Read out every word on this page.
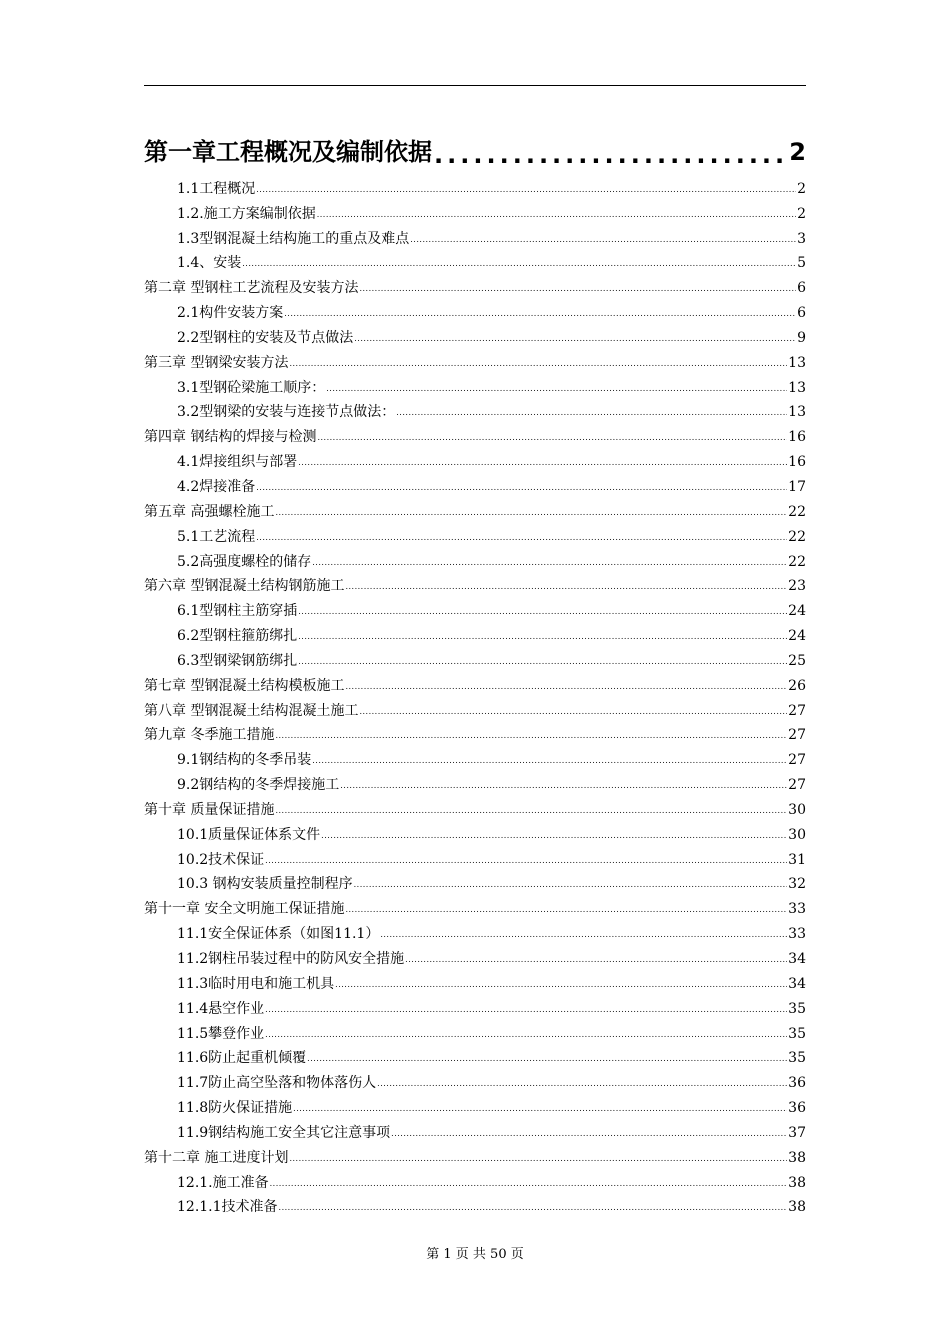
第一章工程概况及编制依据 .....	2
1.1工程概况 .....	2
1.2.施工方案编制依据 .....	2
1.3型钢混凝土结构施工的重点及难点 .....	3
1.4、安装 .....	5
第二章 型钢柱工艺流程及安装方法 .....	6
2.1构件安装方案 .....	6
2.2型钢柱的安装及节点做法 .....	9
第三章 型钢梁安装方法 .....	13
3.1型钢砼梁施工顺序： .....	13
3.2型钢梁的安装与连接节点做法： .....	13
第四章 钢结构的焊接与检测 .....	16
4.1焊接组织与部署 .....	16
4.2焊接准备 .....	17
第五章 高强螺栓施工 .....	22
5.1工艺流程 .....	22
5.2高强度螺栓的储存 .....	22
第六章 型钢混凝土结构钢筋施工 .....	23
6.1型钢柱主筋穿插 .....	24
6.2型钢柱箍筋绑扎 .....	24
6.3型钢梁钢筋绑扎 .....	25
第七章 型钢混凝土结构模板施工 .....	26
第八章 型钢混凝土结构混凝土施工 .....	27
第九章 冬季施工措施 .....	27
9.1钢结构的冬季吊装 .....	27
9.2钢结构的冬季焊接施工 .....	27
第十章 质量保证措施 .....	30
10.1质量保证体系文件 .....	30
10.2技术保证 .....	31
10.3 钢构安装质量控制程序 .....	32
第十一章 安全文明施工保证措施 .....	33
11.1安全保证体系（如图11.1） .....	33
11.2钢柱吊装过程中的防风安全措施 .....	34
11.3临时用电和施工机具 .....	34
11.4悬空作业 .....	35
11.5攀登作业 .....	35
11.6防止起重机倾覆 .....	35
11.7防止高空坠落和物体落伤人 .....	36
11.8防火保证措施 .....	36
11.9钢结构施工安全其它注意事项 .....	37
第十二章 施工进度计划 .....	38
12.1.施工准备 .....	38
12.1.1技术准备 .....	38
第 1 页 共 50 页
